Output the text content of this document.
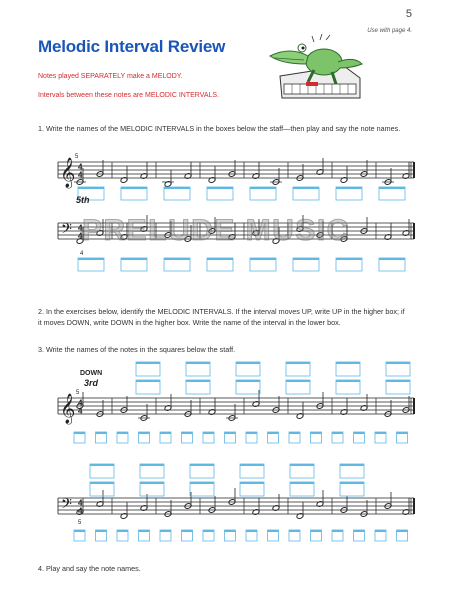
5
Use with page 4.
Melodic Interval Review
Notes played SEPARATELY make a MELODY.
Intervals between these notes are MELODIC INTERVALS.
1. Write the names of the MELODIC INTERVALS in the boxes below the staff—then play and say the note names.
𝄞 4
4
5
5th
𝄢 4
4
4
𝄞 4
4
5
DOWN
3rd
𝄢 4
4
5
PRELUDE MUSIC
2. In the exercises below, identify the MELODIC INTERVALS. If the interval moves UP, write UP in the higher box; if it moves DOWN, write DOWN in the higher box. Write the name of the interval in the lower box.
3. Write the names of the notes in the squares below the staff.
4. Play and say the note names.
